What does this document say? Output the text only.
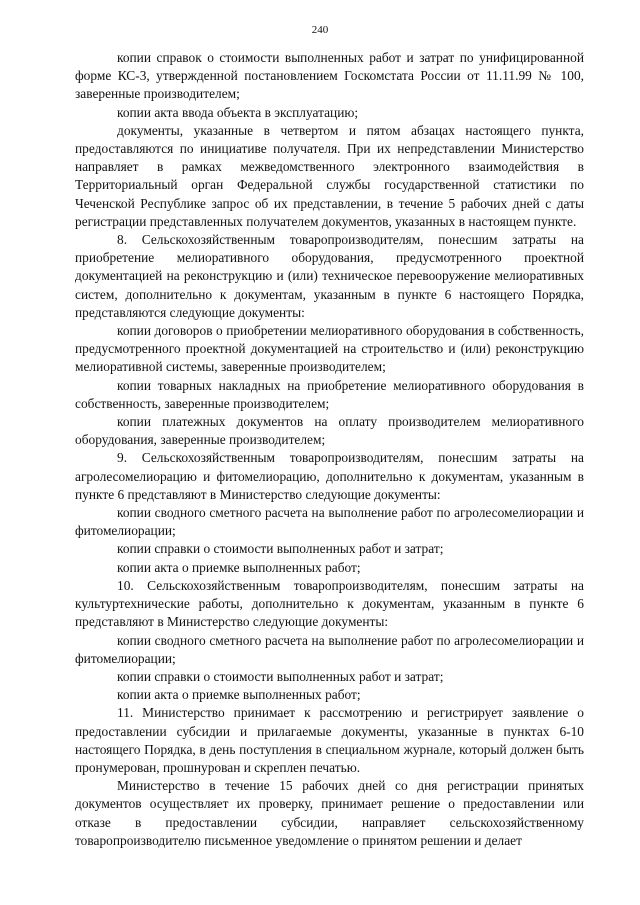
240

копии справок о стоимости выполненных работ и затрат по унифицированной форме КС-3, утвержденной постановлением Госкомстата России от 11.11.99 № 100, заверенные производителем;

копии акта ввода объекта в эксплуатацию;

документы, указанные в четвертом и пятом абзацах настоящего пункта, предоставляются по инициативе получателя. При их непредставлении Министерство направляет в рамках межведомственного электронного взаимодействия в Территориальный орган Федеральной службы государственной статистики по Чеченской Республике запрос об их представлении, в течение 5 рабочих дней с даты регистрации представленных получателем документов, указанных в настоящем пункте.

8. Сельскохозяйственным товаропроизводителям, понесшим затраты на приобретение мелиоративного оборудования, предусмотренного проектной документацией на реконструкцию и (или) техническое перевооружение мелиоративных систем, дополнительно к документам, указанным в пункте 6 настоящего Порядка, представляются следующие документы:

копии договоров о приобретении мелиоративного оборудования в собственность, предусмотренного проектной документацией на строительство и (или) реконструкцию мелиоративной системы, заверенные производителем;

копии товарных накладных на приобретение мелиоративного оборудования в собственность, заверенные производителем;

копии платежных документов на оплату производителем мелиоративного оборудования, заверенные производителем;

9. Сельскохозяйственным товаропроизводителям, понесшим затраты на агролесомелиорацию и фитомелиорацию, дополнительно к документам, указанным в пункте 6 представляют в Министерство следующие документы:

копии сводного сметного расчета на выполнение работ по агролесомелиорации и фитомелиорации;

копии справки о стоимости выполненных работ и затрат;

копии акта о приемке выполненных работ;

10. Сельскохозяйственным товаропроизводителям, понесшим затраты на культуртехнические работы, дополнительно к документам, указанным в пункте 6 представляют в Министерство следующие документы:

копии сводного сметного расчета на выполнение работ по агролесомелиорации и фитомелиорации;

копии справки о стоимости выполненных работ и затрат;

копии акта о приемке выполненных работ;

11. Министерство принимает к рассмотрению и регистрирует заявление о предоставлении субсидии и прилагаемые документы, указанные в пунктах 6-10 настоящего Порядка, в день поступления в специальном журнале, который должен быть пронумерован, прошнурован и скреплен печатью.

Министерство в течение 15 рабочих дней со дня регистрации принятых документов осуществляет их проверку, принимает решение о предоставлении или отказе в предоставлении субсидии, направляет сельскохозяйственному товаропроизводителю письменное уведомление о принятом решении и делает
